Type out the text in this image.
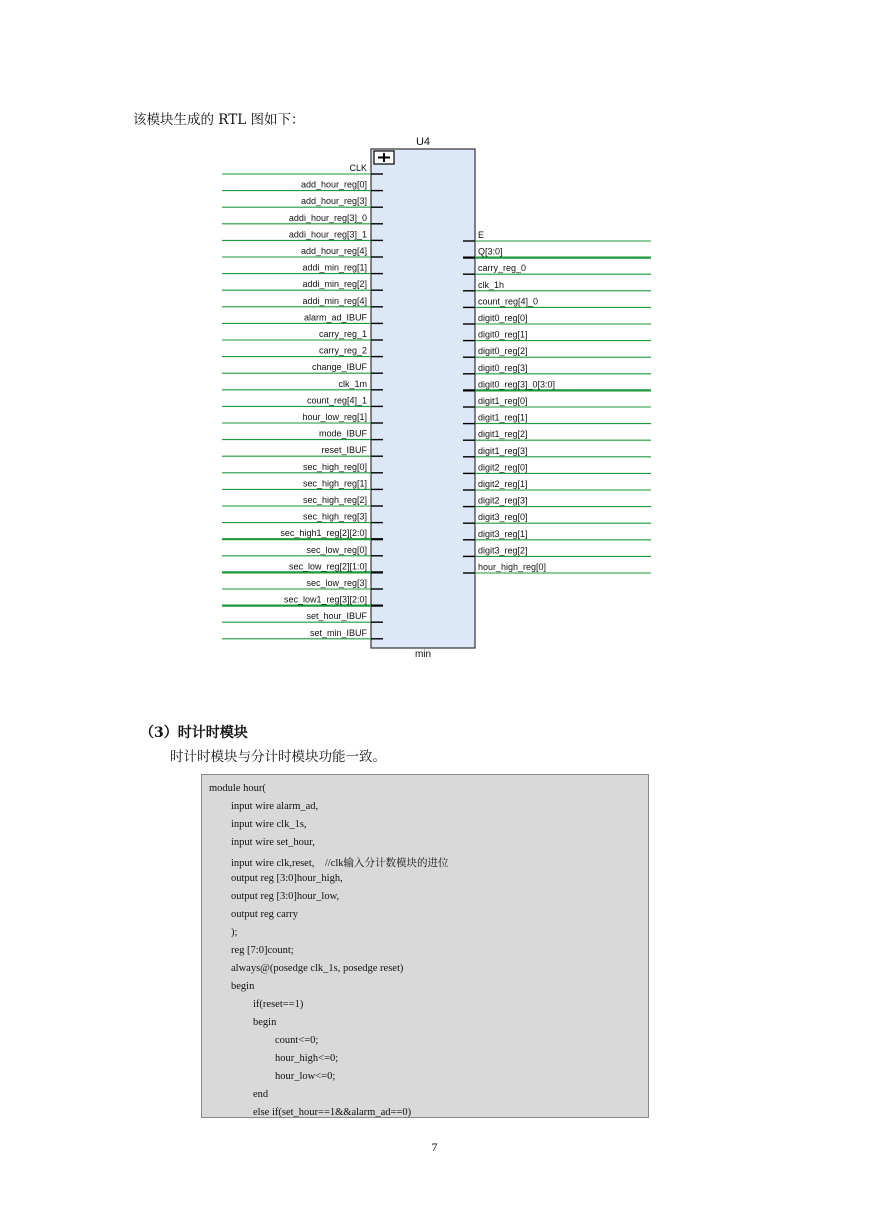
该模块生成的 RTL 图如下：
U4
min
CLK
add_hour_reg[0]
add_hour_reg[3]
addi_hour_reg[3]_0
addi_hour_reg[3]_1
add_hour_reg[4]
addi_min_reg[1]
addi_min_reg[2]
addi_min_reg[4]
alarm_ad_IBUF
carry_reg_1
carry_reg_2
change_IBUF
clk_1m
count_reg[4]_1
hour_low_reg[1]
mode_IBUF
reset_IBUF
sec_high_reg[0]
sec_high_reg[1]
sec_high_reg[2]
sec_high_reg[3]
sec_high1_reg[2][2:0]
sec_low_reg[0]
sec_low_reg[2][1:0]
sec_low_reg[3]
sec_low1_reg[3][2:0]
set_hour_IBUF
set_min_IBUF
E
Q[3:0]
carry_reg_0
clk_1h
count_reg[4]_0
digit0_reg[0]
digit0_reg[1]
digit0_reg[2]
digit0_reg[3]
digit0_reg[3]_0[3:0]
digit1_reg[0]
digit1_reg[1]
digit1_reg[2]
digit1_reg[3]
digit2_reg[0]
digit2_reg[1]
digit2_reg[3]
digit3_reg[0]
digit3_reg[1]
digit3_reg[2]
hour_high_reg[0]
（3）时计时模块
时计时模块与分计时模块功能一致。
module hour(
input wire alarm_ad,
input wire clk_1s,
input wire set_hour,
input wire clk,reset,    //clk输入分计数模块的进位
output reg [3:0]hour_high,
output reg [3:0]hour_low,
output reg carry
);
reg [7:0]count;
always@(posedge clk_1s, posedge reset)
begin
if(reset==1)
begin
count<=0;
hour_high<=0;
hour_low<=0;
end
else if(set_hour==1&&alarm_ad==0)
7
